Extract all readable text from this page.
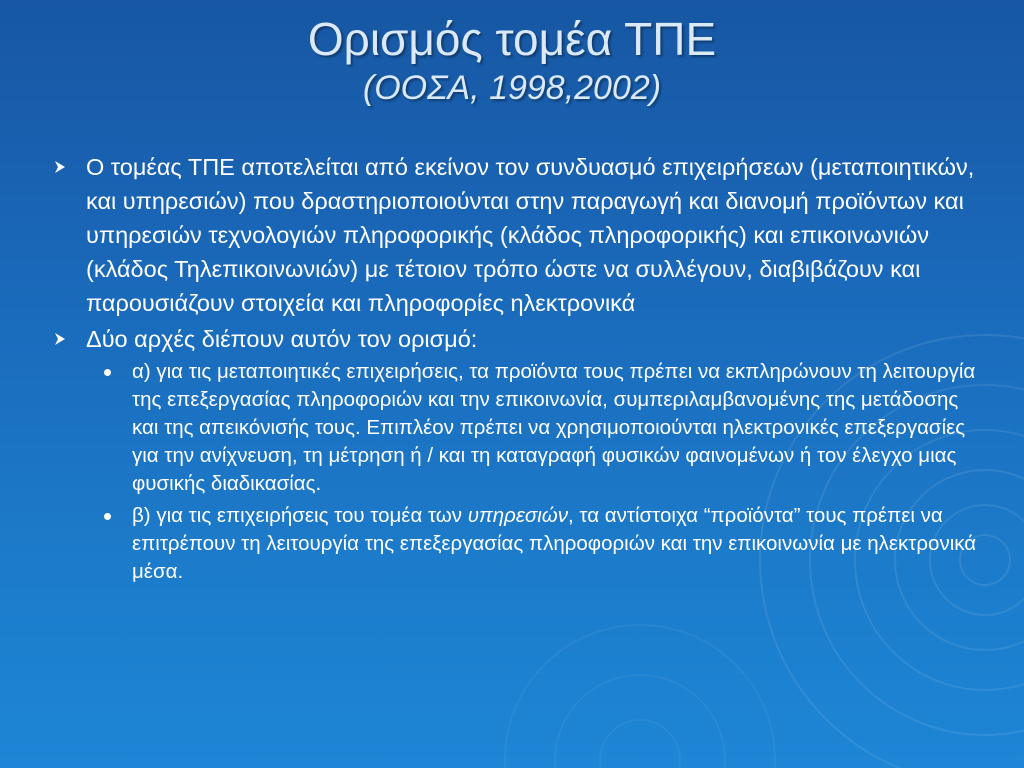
Ορισμός τομέα ΤΠΕ
(ΟΟΣΑ, 1998,2002)
Ο τομέας ΤΠΕ αποτελείται από εκείνον τον συνδυασμό επιχειρήσεων (μεταποιητικών, και υπηρεσιών) που δραστηριοποιούνται στην παραγωγή και διανομή προϊόντων και υπηρεσιών τεχνολογιών πληροφορικής (κλάδος πληροφορικής) και επικοινωνιών (κλάδος Τηλεπικοινωνιών) με τέτοιον τρόπο ώστε να συλλέγουν, διαβιβάζουν και παρουσιάζουν στοιχεία και πληροφορίες ηλεκτρονικά
Δύο αρχές διέπουν αυτόν τον ορισμό:
α) για τις μεταποιητικές επιχειρήσεις, τα προϊόντα τους πρέπει να εκπληρώνουν τη λειτουργία της επεξεργασίας πληροφοριών και την επικοινωνία, συμπεριλαμβανομένης της μετάδοσης και της απεικόνισής τους. Επιπλέον πρέπει να χρησιμοποιούνται ηλεκτρονικές επεξεργασίες για την ανίχνευση, τη μέτρηση ή / και τη καταγραφή φυσικών φαινομένων ή τον έλεγχο μιας φυσικής διαδικασίας.
β) για τις επιχειρήσεις του τομέα των υπηρεσιών, τα αντίστοιχα “προϊόντα” τους πρέπει να επιτρέπουν τη λειτουργία της επεξεργασίας πληροφοριών και την επικοινωνία με ηλεκτρονικά μέσα.
